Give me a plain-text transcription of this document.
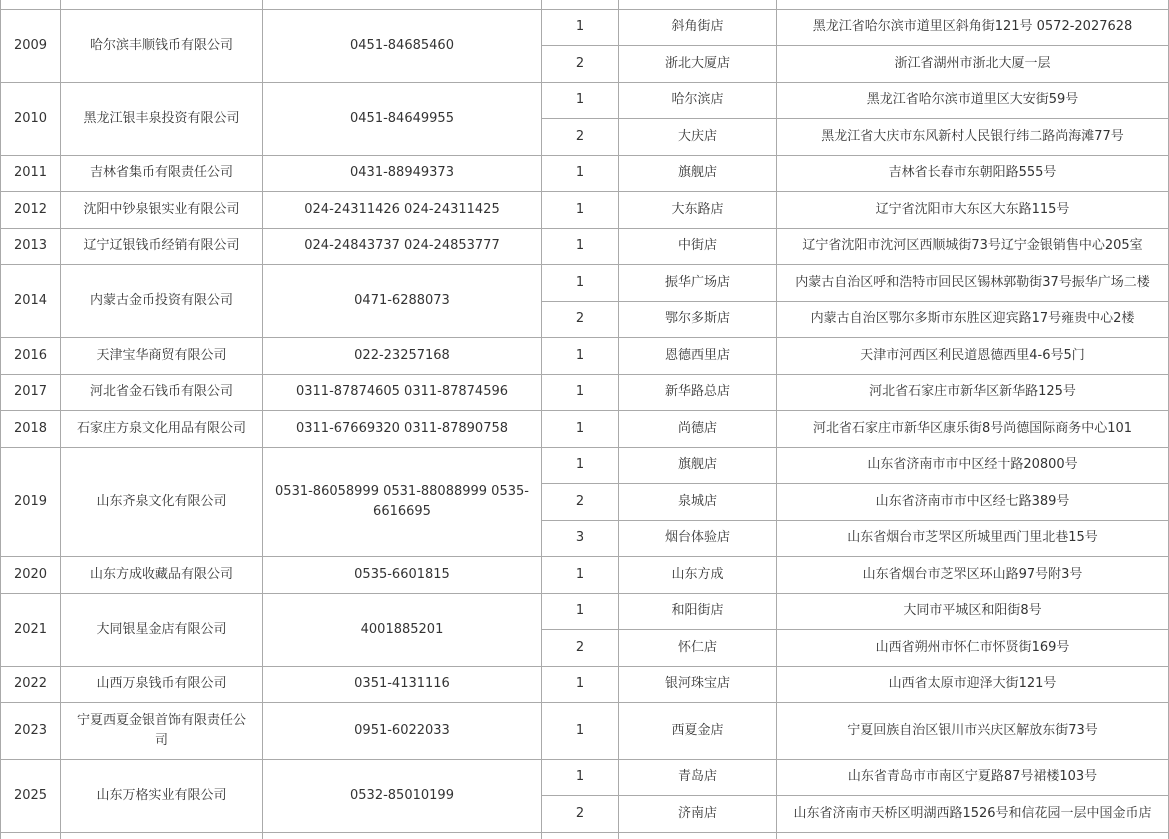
2009	哈尔滨丰顺钱币有限公司	0451-84685460	1	斜角街店	黑龙江省哈尔滨市道里区斜角街121号 0572-2027628
			2	浙北大厦店	浙江省湖州市浙北大厦一层
2010	黑龙江银丰泉投资有限公司	0451-84649955	1	哈尔滨店	黑龙江省哈尔滨市道里区大安街59号
			2	大庆店	黑龙江省大庆市东风新村人民银行纬二路尚海滩77号
2011	吉林省集币有限责任公司	0431-88949373	1	旗舰店	吉林省长春市东朝阳路555号
2012	沈阳中钞泉银实业有限公司	024-24311426 024-24311425	1	大东路店	辽宁省沈阳市大东区大东路115号
2013	辽宁辽银钱币经销有限公司	024-24843737 024-24853777	1	中街店	辽宁省沈阳市沈河区西顺城街73号辽宁金银销售中心205室
2014	内蒙古金币投资有限公司	0471-6288073	1	振华广场店	内蒙古自治区呼和浩特市回民区锡林郭勒街37号振华广场二楼
			2	鄂尔多斯店	内蒙古自治区鄂尔多斯市东胜区迎宾路17号雍贵中心2楼
2016	天津宝华商贸有限公司	022-23257168	1	恩德西里店	天津市河西区利民道恩德西里4-6号5门
2017	河北省金石钱币有限公司	0311-87874605 0311-87874596	1	新华路总店	河北省石家庄市新华区新华路125号
2018	石家庄方泉文化用品有限公司	0311-67669320 0311-87890758	1	尚德店	河北省石家庄市新华区康乐街8号尚德国际商务中心101
2019	山东齐泉文化有限公司	0531-86058999 0531-88088999 0535-6616695	1	旗舰店	山东省济南市市中区经十路20800号
			2	泉城店	山东省济南市市中区经七路389号
			3	烟台体验店	山东省烟台市芝罘区所城里西门里北巷15号
2020	山东方成收藏品有限公司	0535-6601815	1	山东方成	山东省烟台市芝罘区环山路97号附3号
2021	大同银星金店有限公司	4001885201	1	和阳街店	大同市平城区和阳街8号
			2	怀仁店	山西省朔州市怀仁市怀贤街169号
2022	山西万泉钱币有限公司	0351-4131116	1	银河珠宝店	山西省太原市迎泽大街121号
2023	宁夏西夏金银首饰有限责任公司	0951-6022033	1	西夏金店	宁夏回族自治区银川市兴庆区解放东街73号
2025	山东万格实业有限公司	0532-85010199	1	青岛店	山东省青岛市市南区宁夏路87号裙楼103号
			2	济南店	山东省济南市天桥区明湖西路1526号和信花园一层中国金币店
